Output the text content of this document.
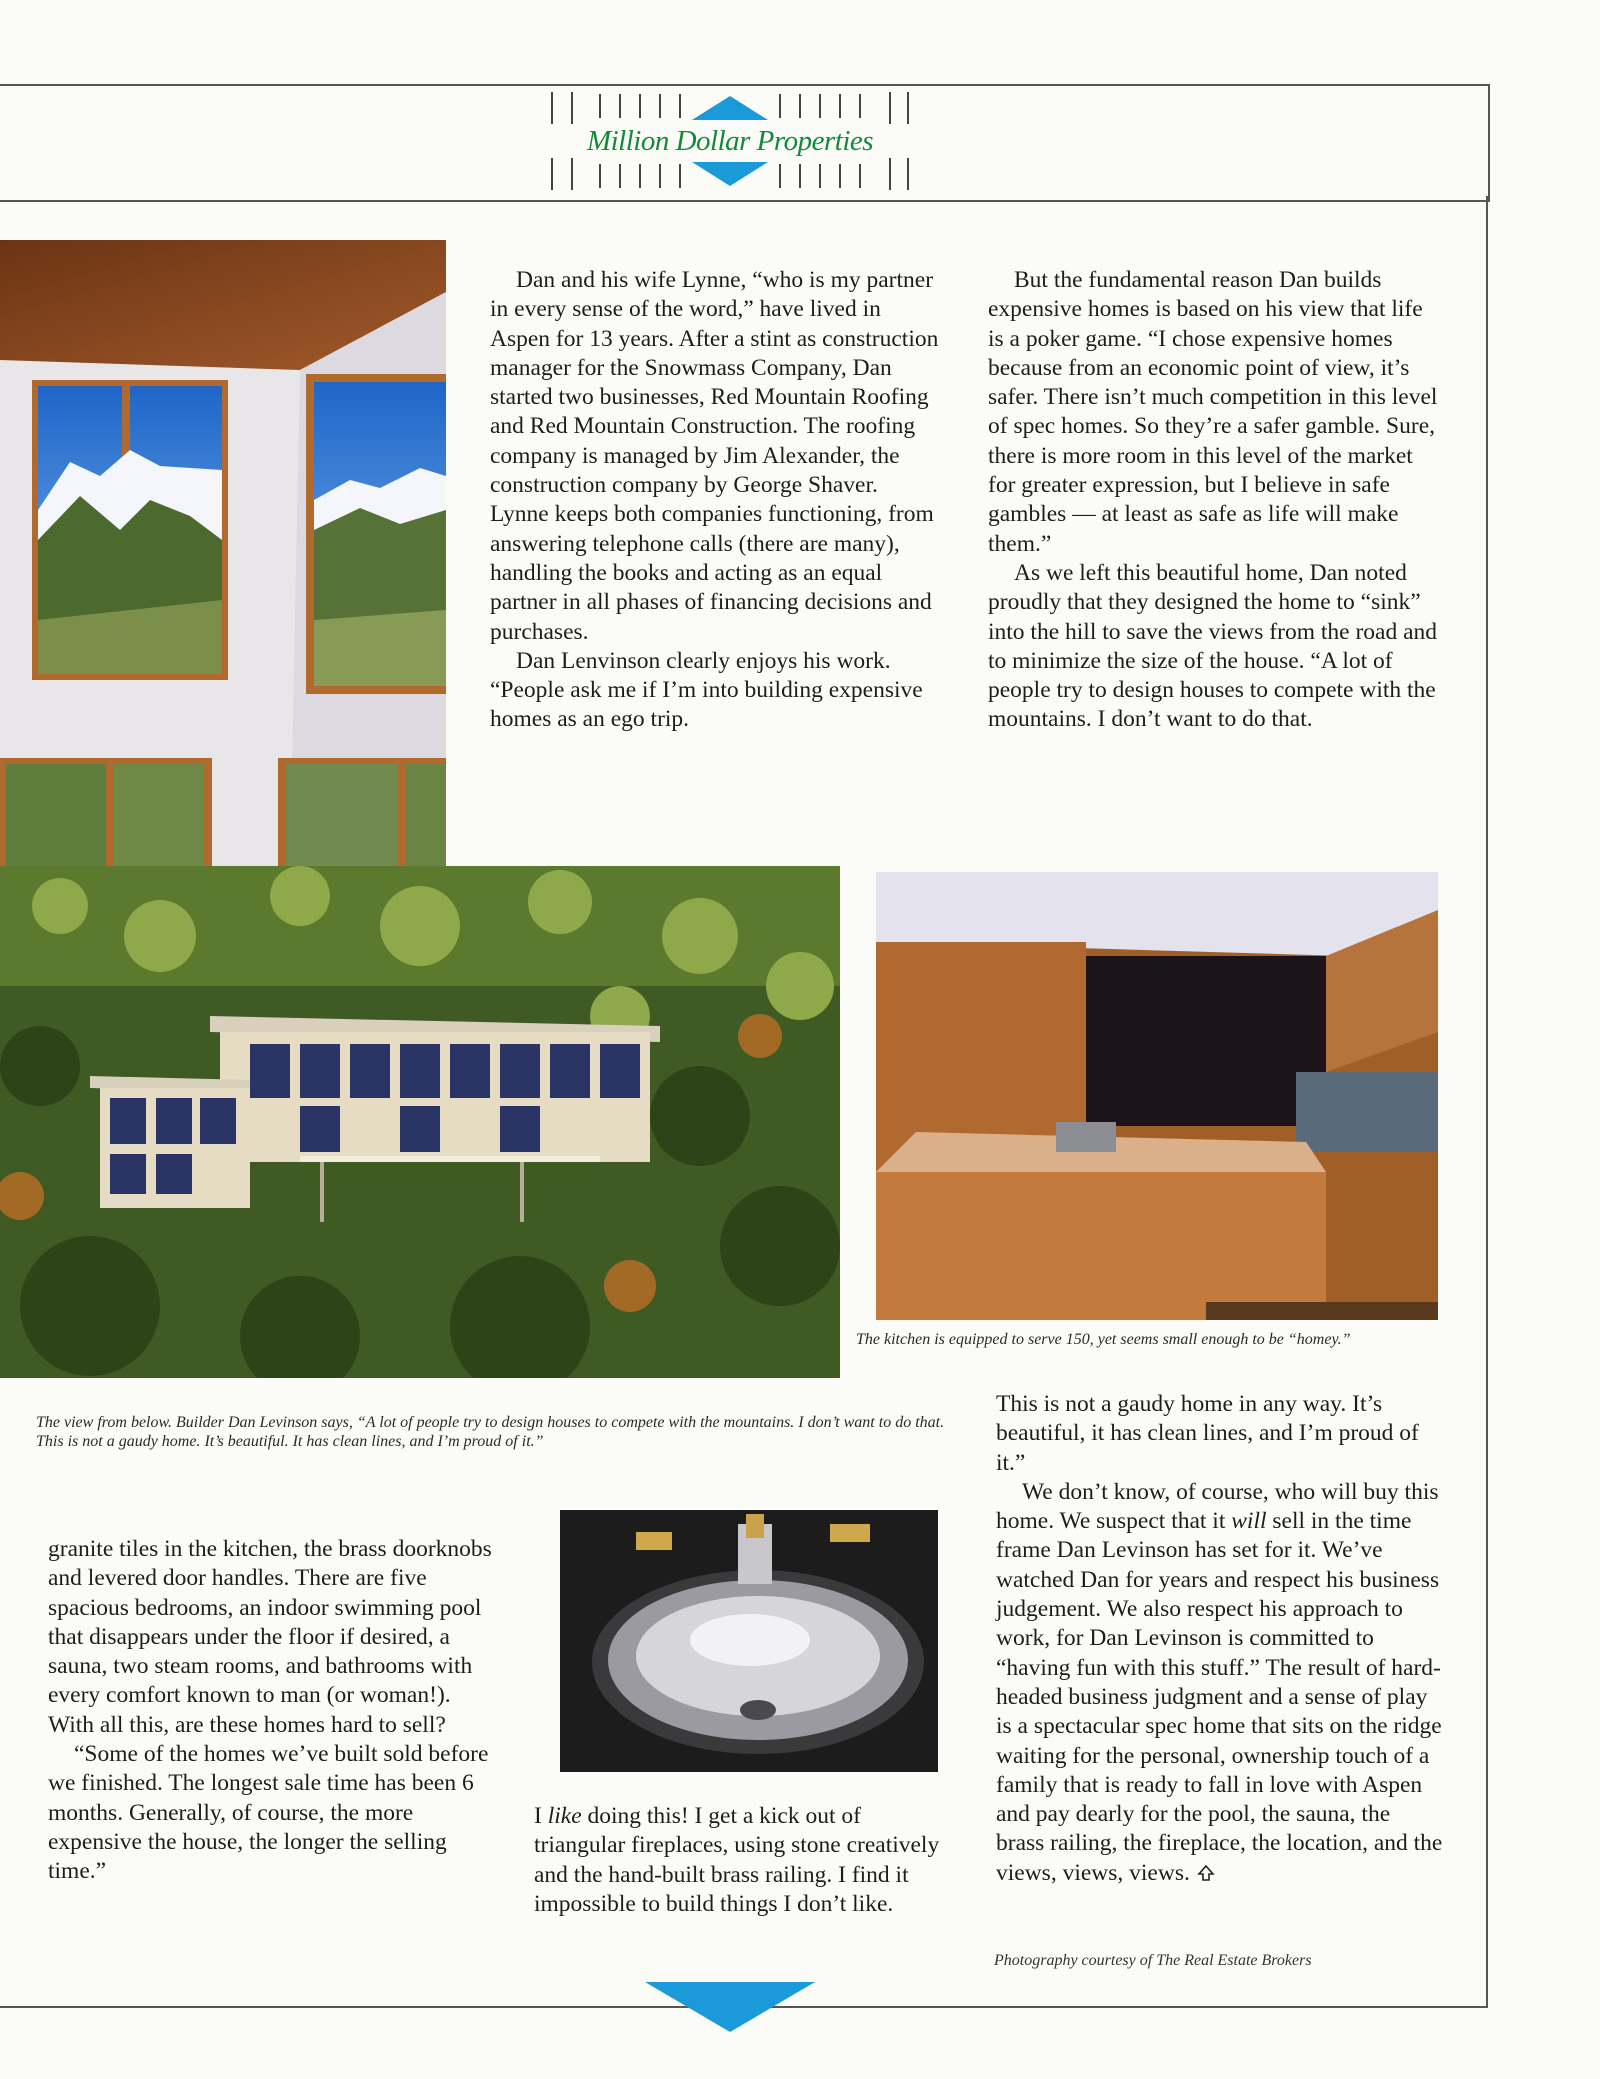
Million Dollar Properties
The kitchen is equipped to serve 150, yet seems small enough to be “homey.”
The view from below. Builder Dan Levinson says, “A lot of people try to design houses to compete with the mountains. I don’t want to do that. This is not a gaudy home. It’s beautiful. It has clean lines, and I’m proud of it.”

Dan and his wife Lynne, “who is my partner in every sense of the word,” have lived in Aspen for 13 years. After a stint as construction manager for the Snowmass Company, Dan started two businesses, Red Mountain Roofing and Red Mountain Construction. The roofing company is managed by Jim Alexander, the construction company by George Shaver. Lynne keeps both companies functioning, from answering telephone calls (there are many), handling the books and acting as an equal partner in all phases of financing decisions and purchases.

Dan Lenvinson clearly enjoys his work. “People ask me if I’m into building expensive homes as an ego trip.

But the fundamental reason Dan builds expensive homes is based on his view that life is a poker game. “I chose expensive homes because from an economic point of view, it’s safer. There isn’t much competition in this level of spec homes. So they’re a safer gamble. Sure, there is more room in this level of the market for greater expression, but I believe in safe gambles — at least as safe as life will make them.”

As we left this beautiful home, Dan noted proudly that they designed the home to “sink” into the hill to save the views from the road and to minimize the size of the house. “A lot of people try to design houses to compete with the mountains. I don’t want to do that.

granite tiles in the kitchen, the brass doorknobs and levered door handles. There are five spacious bedrooms, an indoor swimming pool that disappears under the floor if desired, a sauna, two steam rooms, and bathrooms with every comfort known to man (or woman!). With all this, are these homes hard to sell?

“Some of the homes we’ve built sold before we finished. The longest sale time has been 6 months. Generally, of course, the more expensive the house, the longer the selling time.”

I like doing this! I get a kick out of triangular fireplaces, using stone creatively and the hand-built brass railing. I find it impossible to build things I don’t like.

This is not a gaudy home in any way. It’s beautiful, it has clean lines, and I’m proud of it.”

We don’t know, of course, who will buy this home. We suspect that it will sell in the time frame Dan Levinson has set for it. We’ve watched Dan for years and respect his business judgement. We also respect his approach to work, for Dan Levinson is committed to “having fun with this stuff.” The result of hard-headed business judgment and a sense of play is a spectacular spec home that sits on the ridge waiting for the personal, ownership touch of a family that is ready to fall in love with Aspen and pay dearly for the pool, the sauna, the brass railing, the fireplace, the location, and the views, views, views.

Photography courtesy of The Real Estate Brokers
